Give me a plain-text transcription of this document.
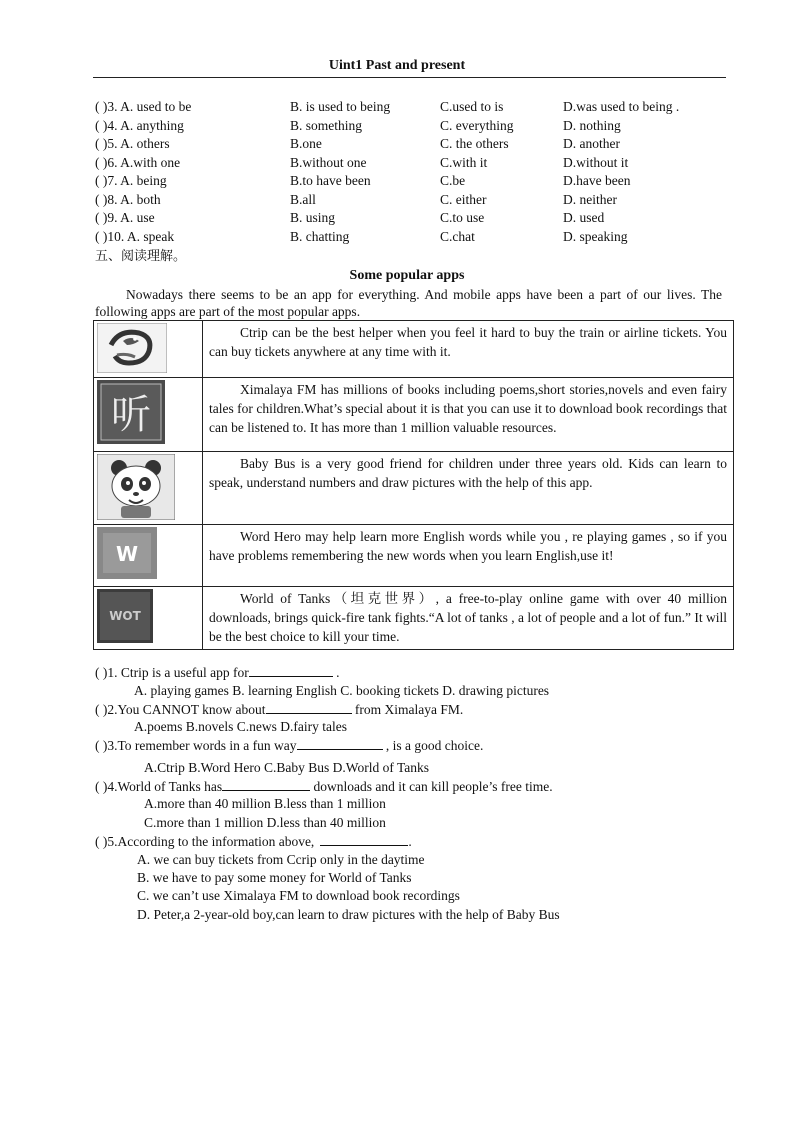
Uint1 Past and present
( )3. A. used to be	B. is used to being	C.used to is	D.was used to being .
( )4. A. anything	B. something	C. everything	D. nothing
( )5. A. others	B.one	C. the others	D. another
( )6. A.with one	B.without one	C.with it	D.without it
( )7. A. being	B.to have been	C.be	D.have been
( )8. A. both	B.all	C. either	D. neither
( )9. A. use	B. using	C.to use	D. used
( )10. A. speak	B. chatting	C.chat	D. speaking
五、阅读理解。
Some popular apps
Nowadays there seems to be an app for everything. And mobile apps have been a part of our lives. The following apps are part of the most popular apps.
	Ctrip can be the best helper when you feel it hard to buy the train or airline tickets. You can buy tickets anywhere at any time with it.

听	Ximalaya FM has millions of books including poems,short stories,novels and even fairy tales for children.What’s special about it is that you can use it to download book recordings that can be listened to. It has more than 1 million valuable resources.
	Baby Bus is a very good friend for children under three years old. Kids can learn to speak, understand numbers and draw pictures with the help of this app.

W	Word Hero may help learn more English words while you , re playing games , so if you have problems remembering the new words when you learn English,use it!

WOT	World of Tanks（坦克世界）, a free-to-play online game with over 40 million downloads, brings quick-fire tank fights.“A lot of tanks , a lot of people and a lot of fun.” It will be the best choice to kill your time.
( )1. Ctrip is a useful app for	.
A. playing games B. learning English C. booking tickets D. drawing pictures
( )2.You CANNOT know about	from Ximalaya FM.
A.poems B.novels C.news D.fairy tales
( )3.To remember words in a fun way	, is a good choice.
A.Ctrip B.Word Hero C.Baby Bus D.World of Tanks
( )4.World of Tanks has	downloads and it can kill people’s free time.
A.more than 40 million B.less than 1 million
C.more than 1 million D.less than 40 million
( )5.According to the information above,	.
A. we can buy tickets from Ccrip only in the daytime
B. we have to pay some money for World of Tanks
C. we can’t use Ximalaya FM to download book recordings
D. Peter,a 2-year-old boy,can learn to draw pictures with the help of Baby Bus
